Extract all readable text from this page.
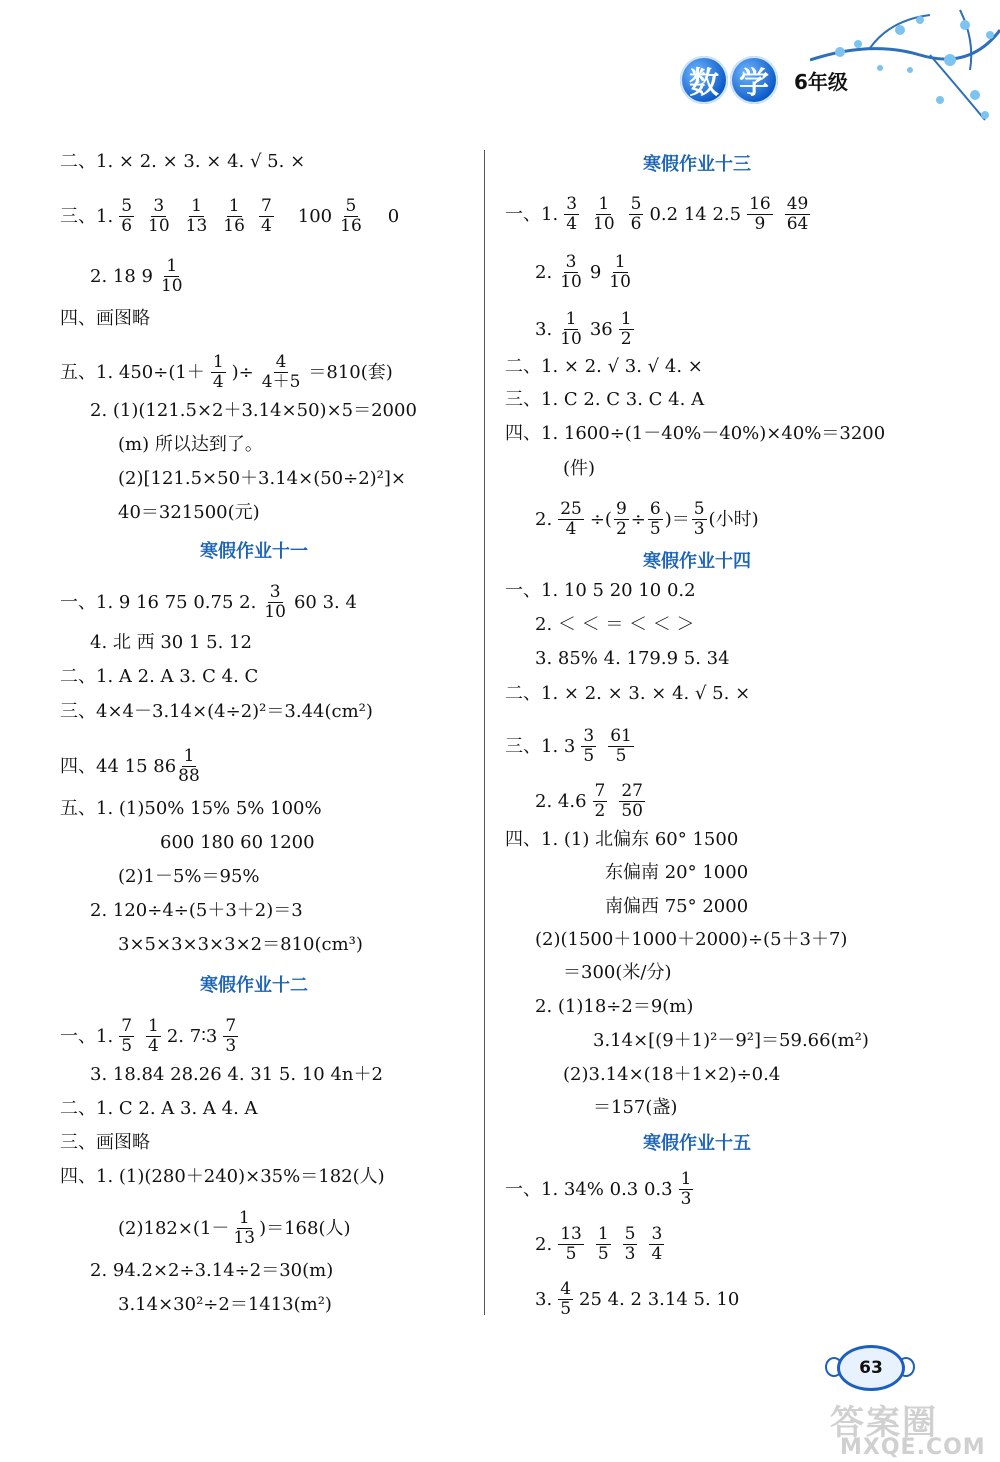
数 学	6年级
二、1. × 2. × 3. × 4. √ 5. ×
三、1. $\frac{5}{6} \frac{3}{10} \frac{1}{13} \frac{1}{16} \frac{7}{4} 100 \frac{5}{16} 0$
2. 18 $9 \frac{1}{10}$
四、画图略
五、1. $450\div(1+ \frac{1}{4}$ )÷ $\frac{4}{4+5} =810$(套)
2. (1)(121.5×2＋3.14×50)×5＝2000
(m) 所以达到了。
(2)[121.5×50＋3.14×(50÷2)²]×
40＝321500(元)
寒假作业十一
一、1. 9 16 75 0.75 2. $\frac{3}{10} 60$ 3. 4
4. 北 西 30 1 5. 12
二、1. A 2. A 3. C 4. C
三、4×4－3.14×(4÷2)²＝3.44(cm²)
四、44 15 $86 \frac{1}{88}$
五、1. (1)50% 15% 5% 100%
600 180 60 1200
(2)1－5%＝95%
2. 120÷4÷(5＋3＋2)＝3
3×5×3×3×3×2＝810(cm³)
寒假作业十二
一、1. $\frac{7}{5} \frac{1}{4} 2$. 7∶3 $\frac{7}{3}$
3. 18.84 28.26 4. 31 5. 10 4n＋2
二、1. C 2. A 3. A 4. A
三、画图略
四、1. (1)(280＋240)×35%＝182(人)
$(2)182\times(1- \frac{1}{13} )=168$(人)
2. 94.2×2÷3.14÷2＝30(m)
3.14×30²÷2＝1413(m²)
寒假作业十三
一、1. $\frac{3}{4} \frac{1}{10} \frac{5}{6} 0.2$ 14 $2.5 \frac{16}{9} \frac{49}{64}$
2. $\frac{3}{10} 9 \frac{1}{10}$
3. $\frac{1}{10} 36 \frac{1}{2}$
二、1. × 2. √ 3. √ 4. ×
三、1. C 2. C 3. C 4. A
四、1. 1600÷(1－40%－40%)×40%＝3200
(件)
2. $\frac{25}{4}$ ÷( $\frac{9}{2} \div \frac{6}{5}$ )＝ $\frac{5}{3}$ (小时)
寒假作业十四
一、1. 10 5 20 10 0.2
2. ＜ ＜ ＝ ＜ ＜ ＞
3. 85% 4. 179.9 5. 34
二、1. × 2. × 3. × 4. √ 5. ×
三、1. $3 \frac{3}{5} \frac{61}{5}$
2. $4.6 \frac{7}{2} \frac{27}{50}$
四、1. (1) 北偏东 60° 1500
东偏南 20° 1000
南偏西 75° 2000
(2)(1500＋1000＋2000)÷(5＋3＋7)
＝300(米/分)
2. (1)18÷2＝9(m)
3.14×[(9＋1)²－9²]＝59.66(m²)
(2)3.14×(18＋1×2)÷0.4
＝157(盏)
寒假作业十五
一、1. 34% 0.3 0.3̇ $\frac{1}{3}$
2. $\frac{13}{5} \frac{1}{5} \frac{5}{3} \frac{3}{4}$
3. $\frac{4}{5} 25$ 4. 2 3.14 5. 10
63
答案圈
MXQE.COM
